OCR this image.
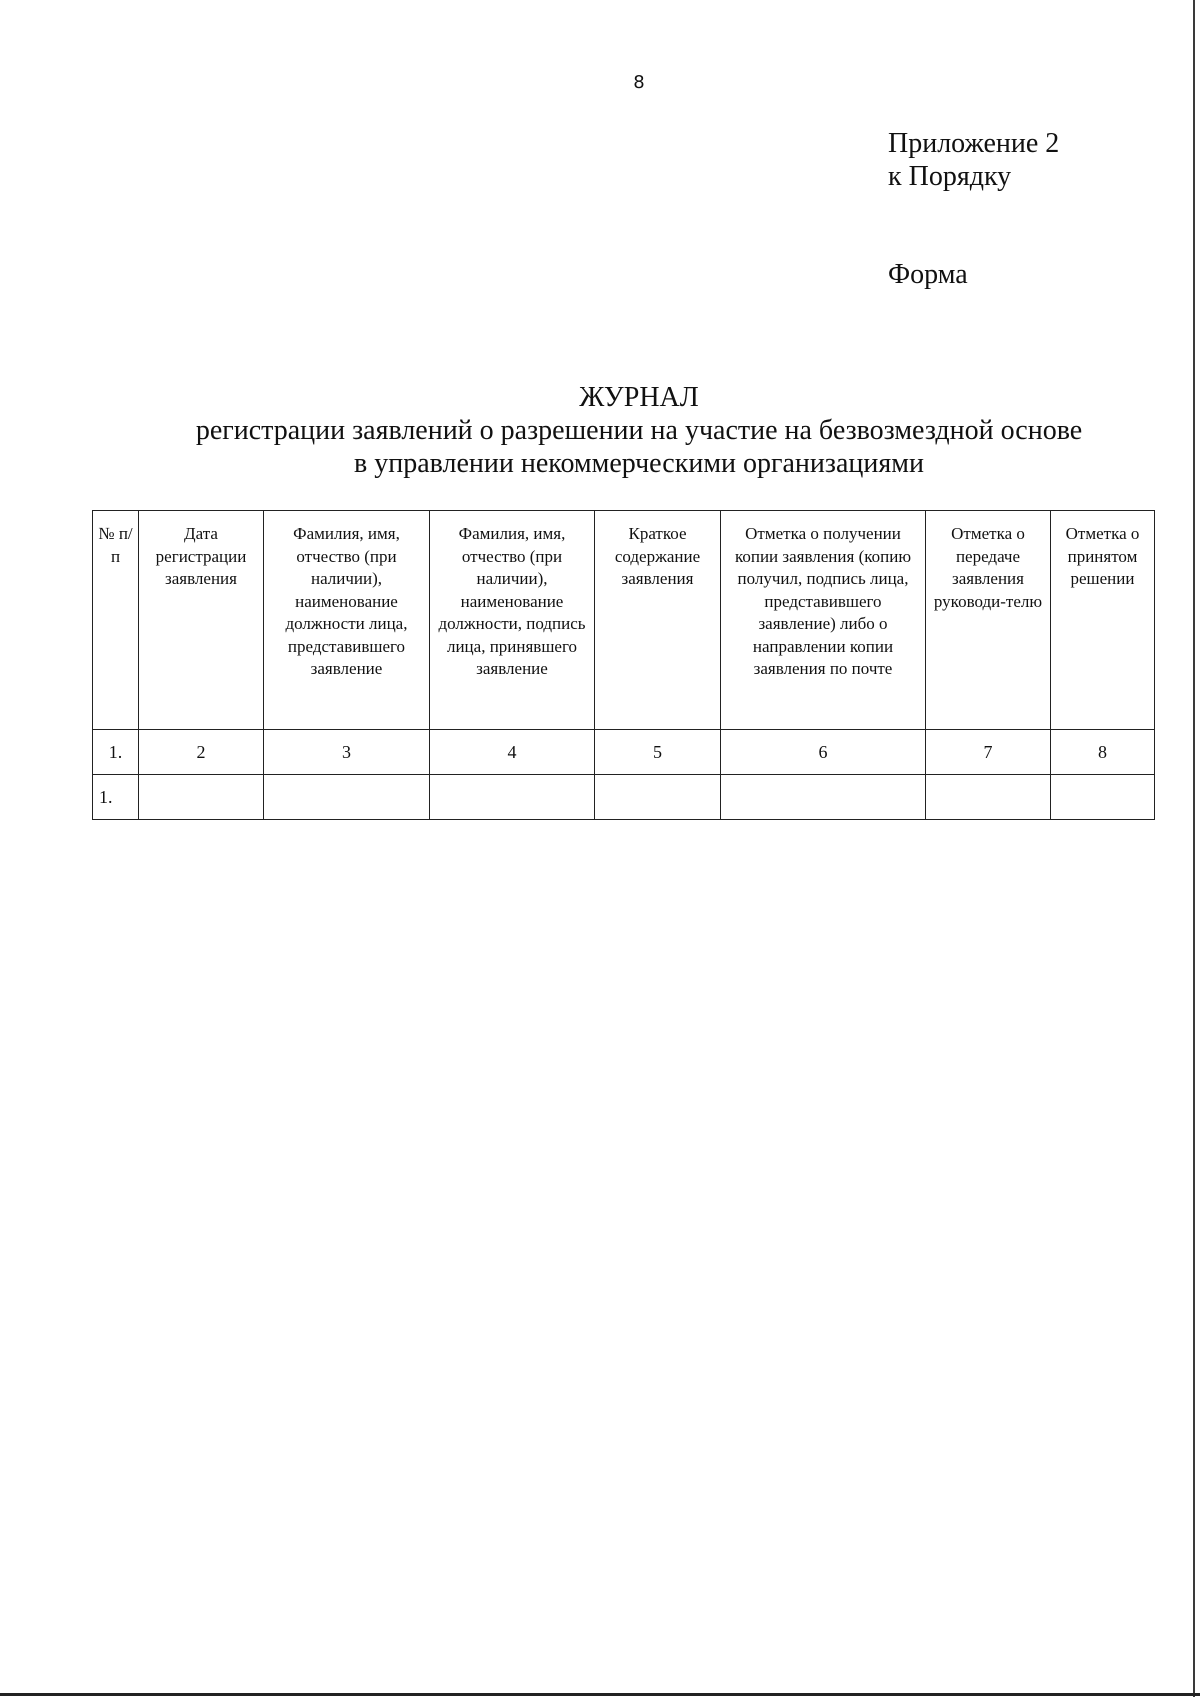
8
Приложение 2
к Порядку
Форма
ЖУРНАЛ
регистрации заявлений о разрешении на участие на безвозмездной основе
в управлении некоммерческими организациями
№ п/п	Дата регистрации заявления	Фамилия, имя, отчество (при наличии), наименование должности лица, представившего заявление	Фамилия, имя, отчество (при наличии), наименование должности, подпись лица, принявшего заявление	Краткое содержание заявления	Отметка о получении копии заявления (копию получил, подпись лица, представившего заявление) либо о направлении копии заявления по почте	Отметка о передаче заявления руководи-телю	Отметка о принятом решении
1.	2	3	4	5	6	7	8
1.							
